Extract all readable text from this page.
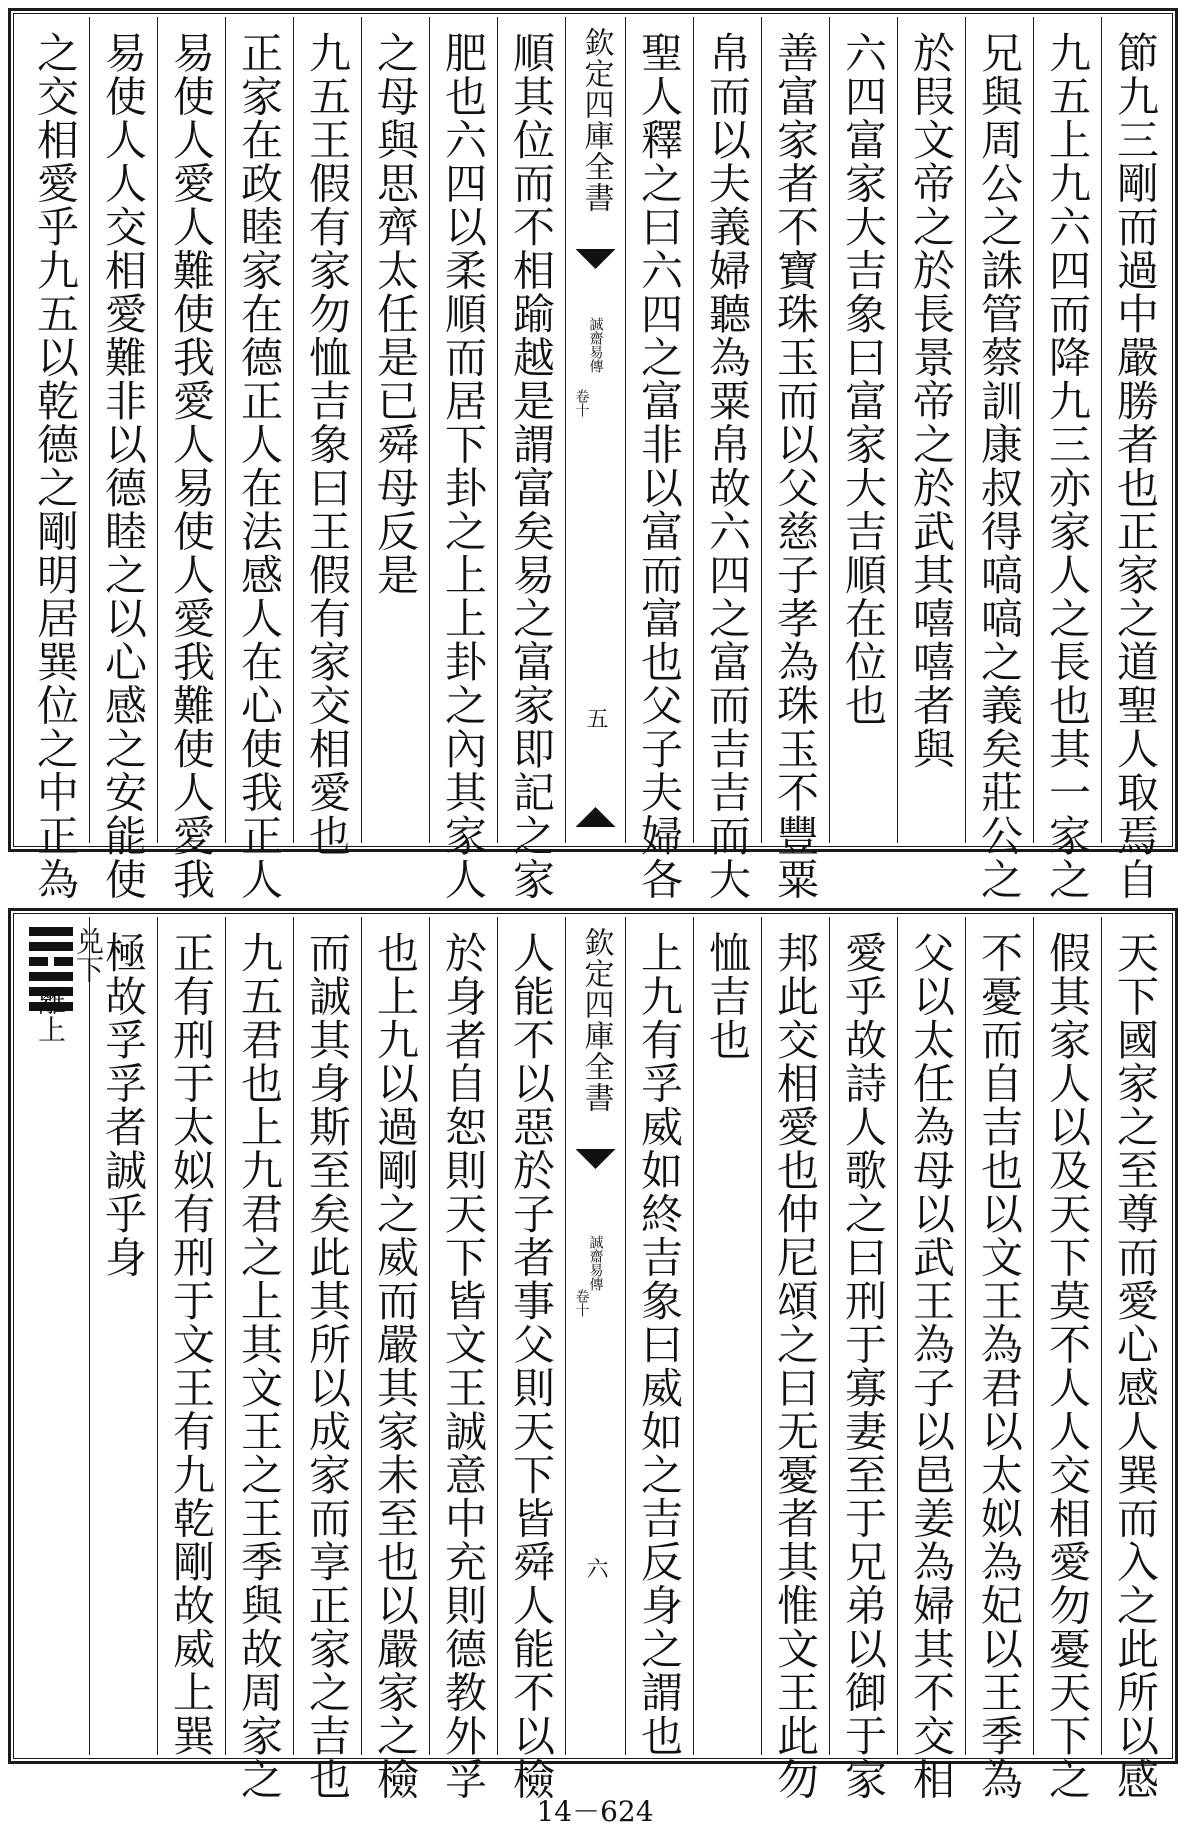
節九三剛而過中嚴勝者也正家之道聖人取焉自
九五上九六四而降九三亦家人之長也其一家之
兄與周公之誅管蔡訓康叔得嗃嗃之義矣莊公之
於叚文帝之於長景帝之於武其嘻嘻者與
六四富家大吉象曰富家大吉順在位也
善富家者不寶珠玉而以父慈子孝為珠玉不豐粟
帛而以夫義婦聽為粟帛故六四之富而吉吉而大
聖人釋之曰六四之富非以富而富也父子夫婦各
欽定四庫全書
誠齋易傳
卷十
五
順其位而不相踰越是謂富矣易之富家即記之家
肥也六四以柔順而居下卦之上上卦之內其家人
之母與思齊太任是已舜母反是
九五王假有家勿恤吉象曰王假有家交相愛也
正家在政睦家在德正人在法感人在心使我正人
易使人愛人難使我愛人易使人愛我難使人愛我
易使人人交相愛難非以德睦之以心感之安能使
之交相愛乎九五以乾德之剛明居巽位之中正為
天下國家之至尊而愛心感人巽而入之此所以感
假其家人以及天下莫不人人交相愛勿憂天下之
不憂而自吉也以文王為君以太姒為妃以王季為
父以太任為母以武王為子以邑姜為婦其不交相
愛乎故詩人歌之曰刑于寡妻至于兄弟以御于家
邦此交相愛也仲尼頌之曰无憂者其惟文王此勿
恤吉也
上九有孚威如終吉象曰威如之吉反身之謂也
欽定四庫全書
誠齋易傳
卷十
六
人能不以惡於子者事父則天下皆舜人能不以檢
於身者自恕則天下皆文王誠意中充則德教外孚
也上九以過剛之威而嚴其家未至也以嚴家之檢
而誠其身斯至矣此其所以成家而享正家之吉也
九五君也上九君之上其文王之王季與故周家之
正有刑于太姒有刑于文王有九乾剛故威上巽
極故孚孚者誠乎身
兑下
離上
14－624
